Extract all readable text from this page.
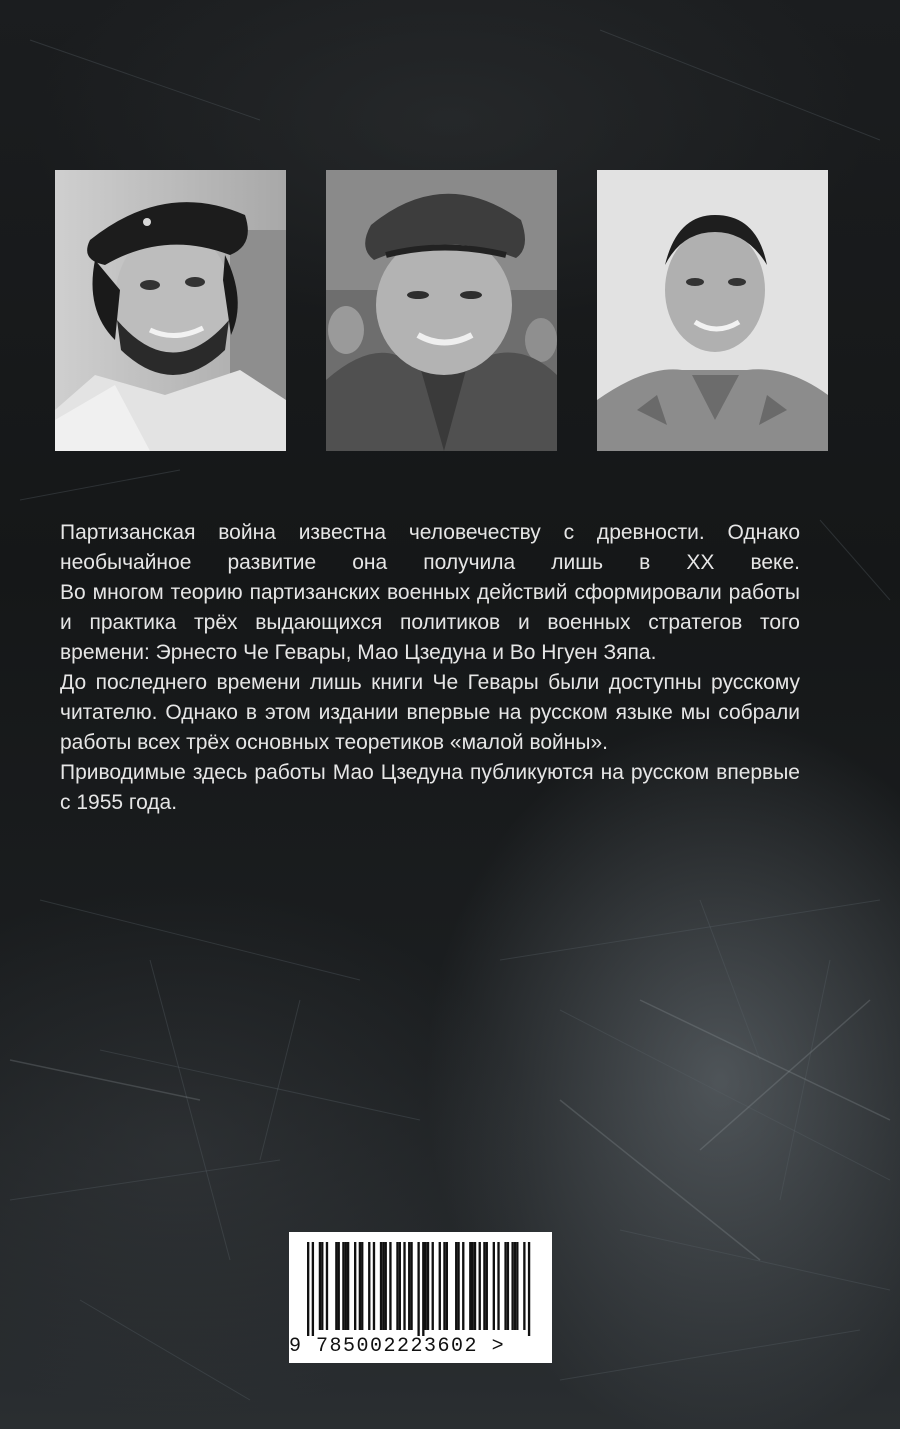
Партизанская война известна человечеству с древности. Однако необычайное развитие она получила лишь в XX веке.

Во многом теорию партизанских военных действий сформировали работы и практика трёх выдающихся политиков и военных стратегов того времени: Эрнесто Че Гевары, Мао Цзедуна и Во Нгуен Зяпа.

До последнего времени лишь книги Че Гевары были доступны русскому читателю. Однако в этом издании впервые на русском языке мы собрали работы всех трёх основных теоретиков «малой войны».

Приводимые здесь работы Мао Цзедуна публикуются на русском впервые с 1955 года.

9 785002223602 >
